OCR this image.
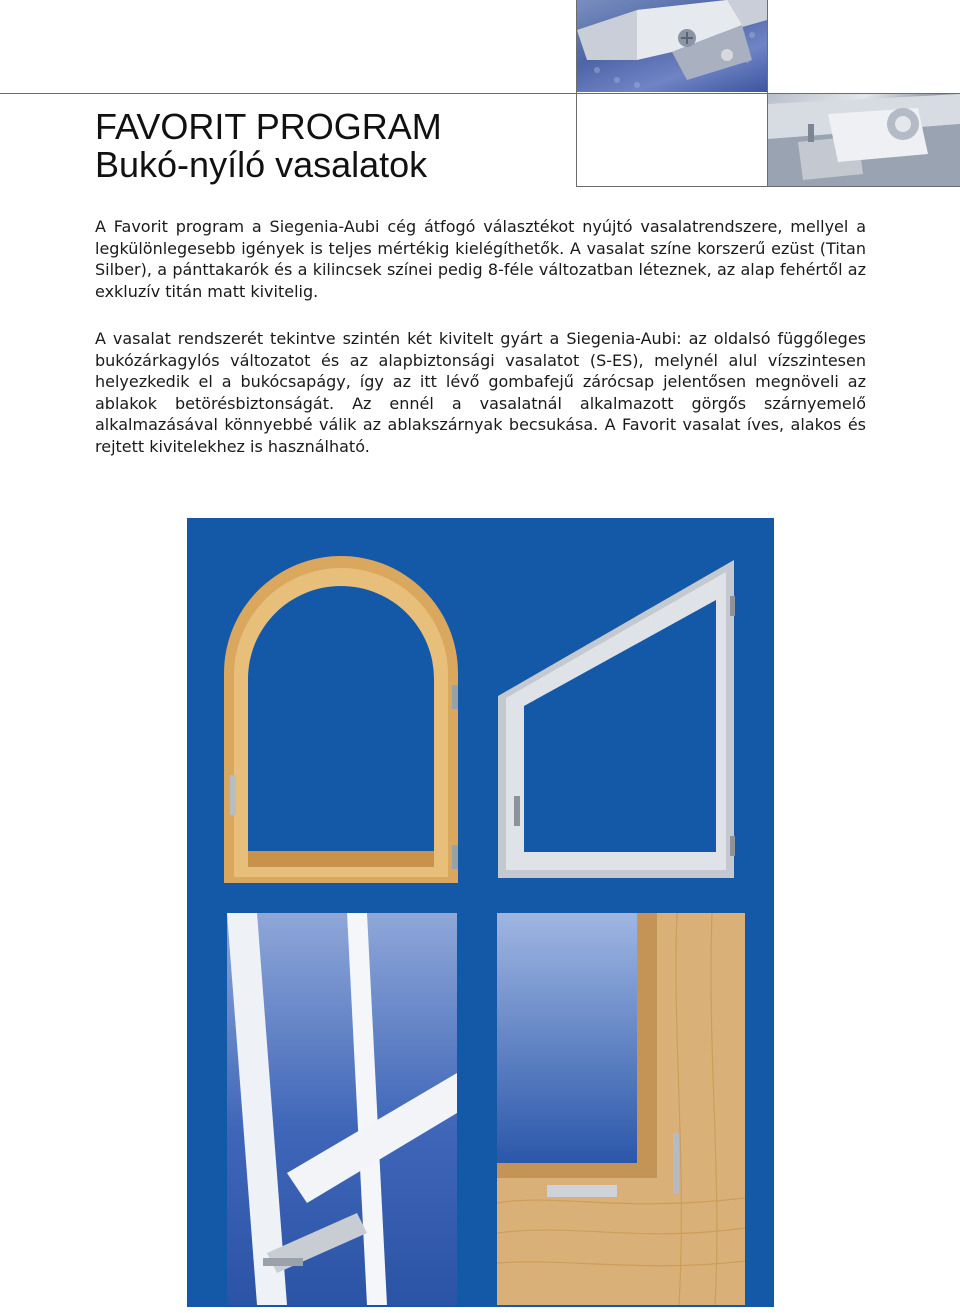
FAVORIT PROGRAM
Bukó-nyíló vasalatok

A Favorit program a Siegenia-Aubi cég átfogó választékot nyújtó vasalatrendszere, mellyel a legkülönlegesebb igények is teljes mértékig kielégíthetők. A vasalat színe korszerű ezüst (Titan Silber), a pánttakarók és a kilincsek színei pedig 8-féle változatban léteznek, az alap fehértől az exkluzív titán matt kivitelig.

A vasalat rendszerét tekintve szintén két kivitelt gyárt a Siegenia-Aubi: az oldalsó függőleges bukózárkagylós változatot és az alapbiztonsági vasalatot (S-ES), melynél alul vízszintesen helyezkedik el a bukócsapágy, így az itt lévő gombafejű zárócsap jelentősen megnöveli az ablakok betörésbiztonságát. Az ennél a vasalatnál alkalmazott görgős szárnyemelő alkalmazásával könnyebbé válik az ablakszárnyak becsukása. A Favorit vasalat íves, alakos és rejtett kivitelekhez is használható.
